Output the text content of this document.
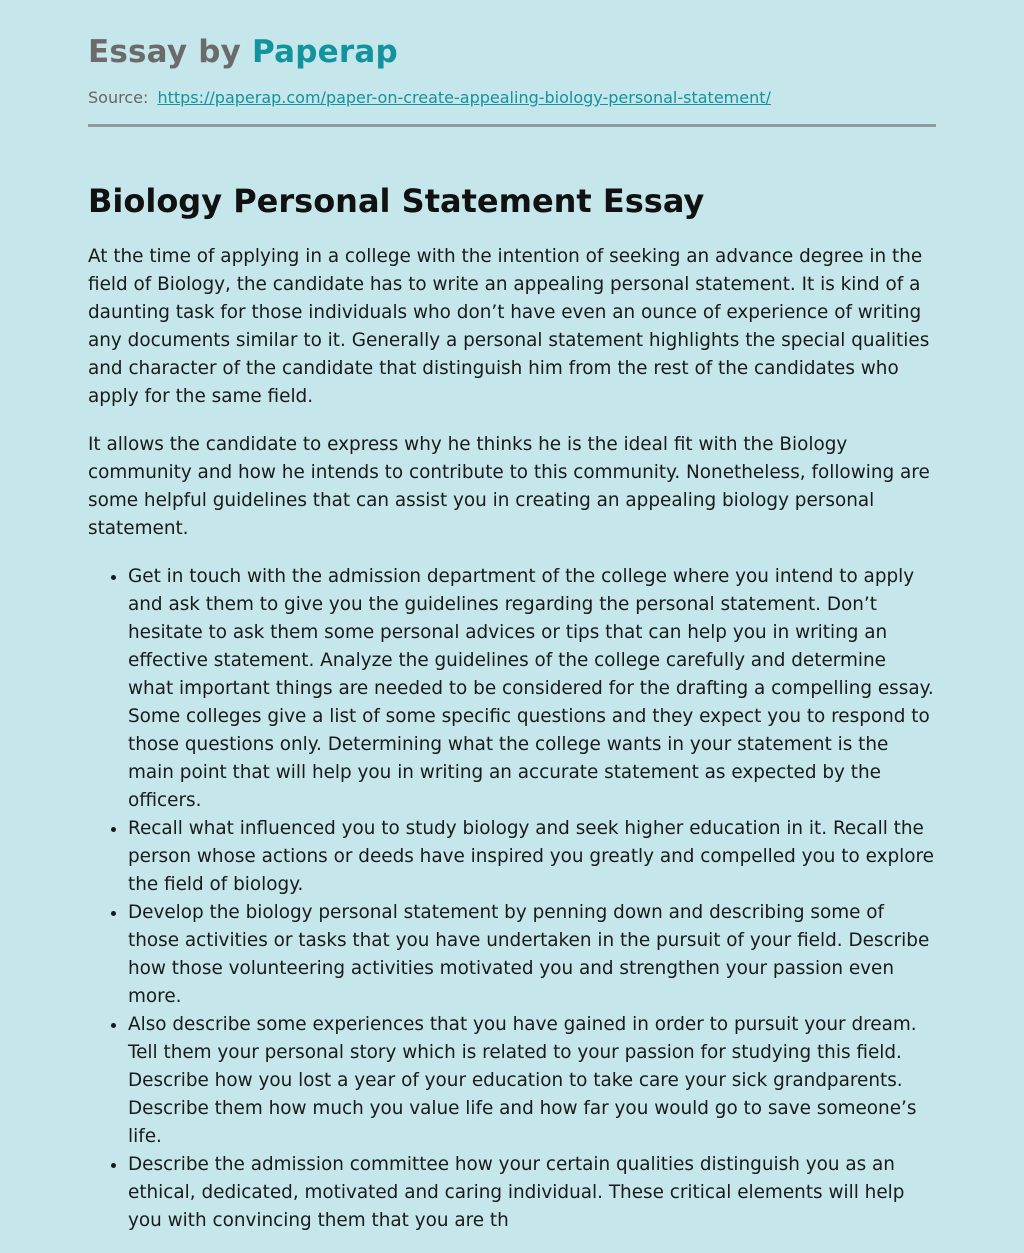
Essay by Paperap
Source: https://paperap.com/paper-on-create-appealing-biology-personal-statement/
Biology Personal Statement Essay

At the time of applying in a college with the intention of seeking an advance degree in the field of Biology, the candidate has to write an appealing personal statement. It is kind of a daunting task for those individuals who don’t have even an ounce of experience of writing any documents similar to it. Generally a personal statement highlights the special qualities and character of the candidate that distinguish him from the rest of the candidates who apply for the same field.

It allows the candidate to express why he thinks he is the ideal fit with the Biology community and how he intends to contribute to this community. Nonetheless, following are some helpful guidelines that can assist you in creating an appealing biology personal statement.

• Get in touch with the admission department of the college where you intend to apply and ask them to give you the guidelines regarding the personal statement. Don’t hesitate to ask them some personal advices or tips that can help you in writing an effective statement. Analyze the guidelines of the college carefully and determine what important things are needed to be considered for the drafting a compelling essay. Some colleges give a list of some specific questions and they expect you to respond to those questions only. Determining what the college wants in your statement is the main point that will help you in writing an accurate statement as expected by the officers.
• Recall what influenced you to study biology and seek higher education in it. Recall the person whose actions or deeds have inspired you greatly and compelled you to explore the field of biology.
• Develop the biology personal statement by penning down and describing some of those activities or tasks that you have undertaken in the pursuit of your field. Describe how those volunteering activities motivated you and strengthen your passion even more.
• Also describe some experiences that you have gained in order to pursuit your dream. Tell them your personal story which is related to your passion for studying this field. Describe how you lost a year of your education to take care your sick grandparents. Describe them how much you value life and how far you would go to save someone’s life.
• Describe the admission committee how your certain qualities distinguish you as an ethical, dedicated, motivated and caring individual. These critical elements will help you with convincing them that you are th
